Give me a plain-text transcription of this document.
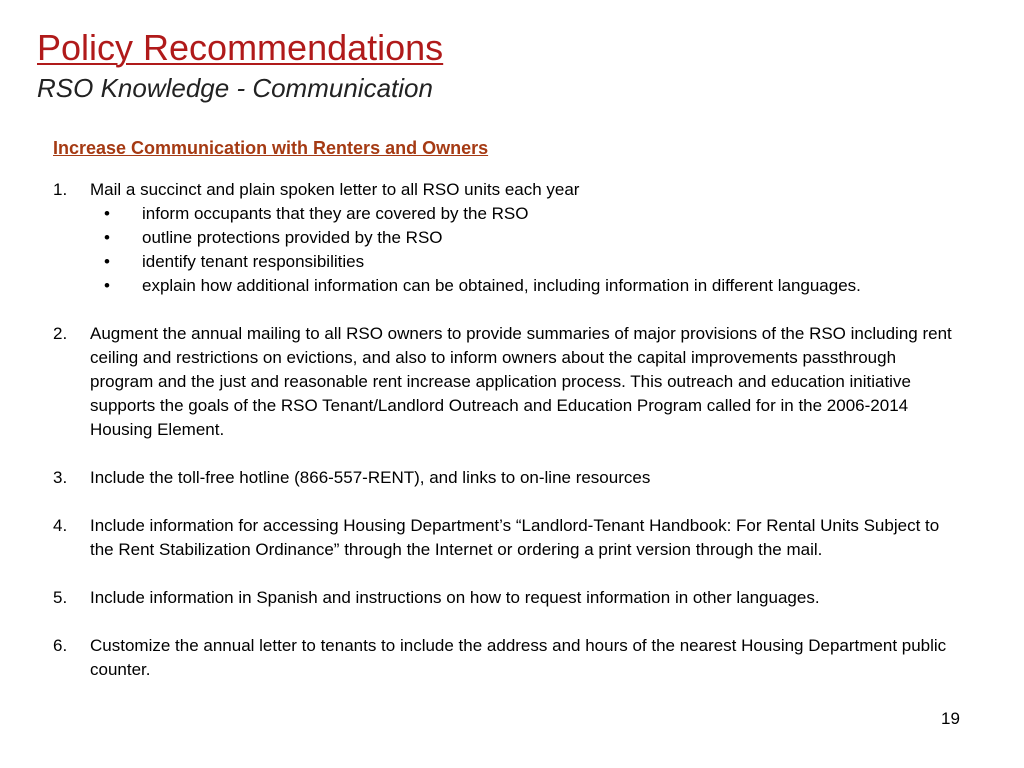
Policy Recommendations
RSO Knowledge - Communication
Increase Communication with Renters and Owners
1. Mail a succinct and plain spoken letter to all RSO units each year
• inform occupants that they are covered by the RSO
• outline protections provided by the RSO
• identify tenant responsibilities
• explain how additional information can be obtained, including information in different languages.
2. Augment the annual mailing to all RSO owners to provide summaries of major provisions of the RSO including rent ceiling and restrictions on evictions, and also to inform owners about the capital improvements passthrough program and the just and reasonable rent increase application process. This outreach and education initiative supports the goals of the RSO Tenant/Landlord Outreach and Education Program called for in the 2006-2014 Housing Element.
3. Include the toll-free hotline (866-557-RENT), and links to on-line resources
4. Include information for accessing Housing Department’s “Landlord-Tenant Handbook: For Rental Units Subject to the Rent Stabilization Ordinance” through the Internet or ordering a print version through the mail.
5. Include information in Spanish and instructions on how to request information in other languages.
6. Customize the annual letter to tenants to include the address and hours of the nearest Housing Department public counter.
19
